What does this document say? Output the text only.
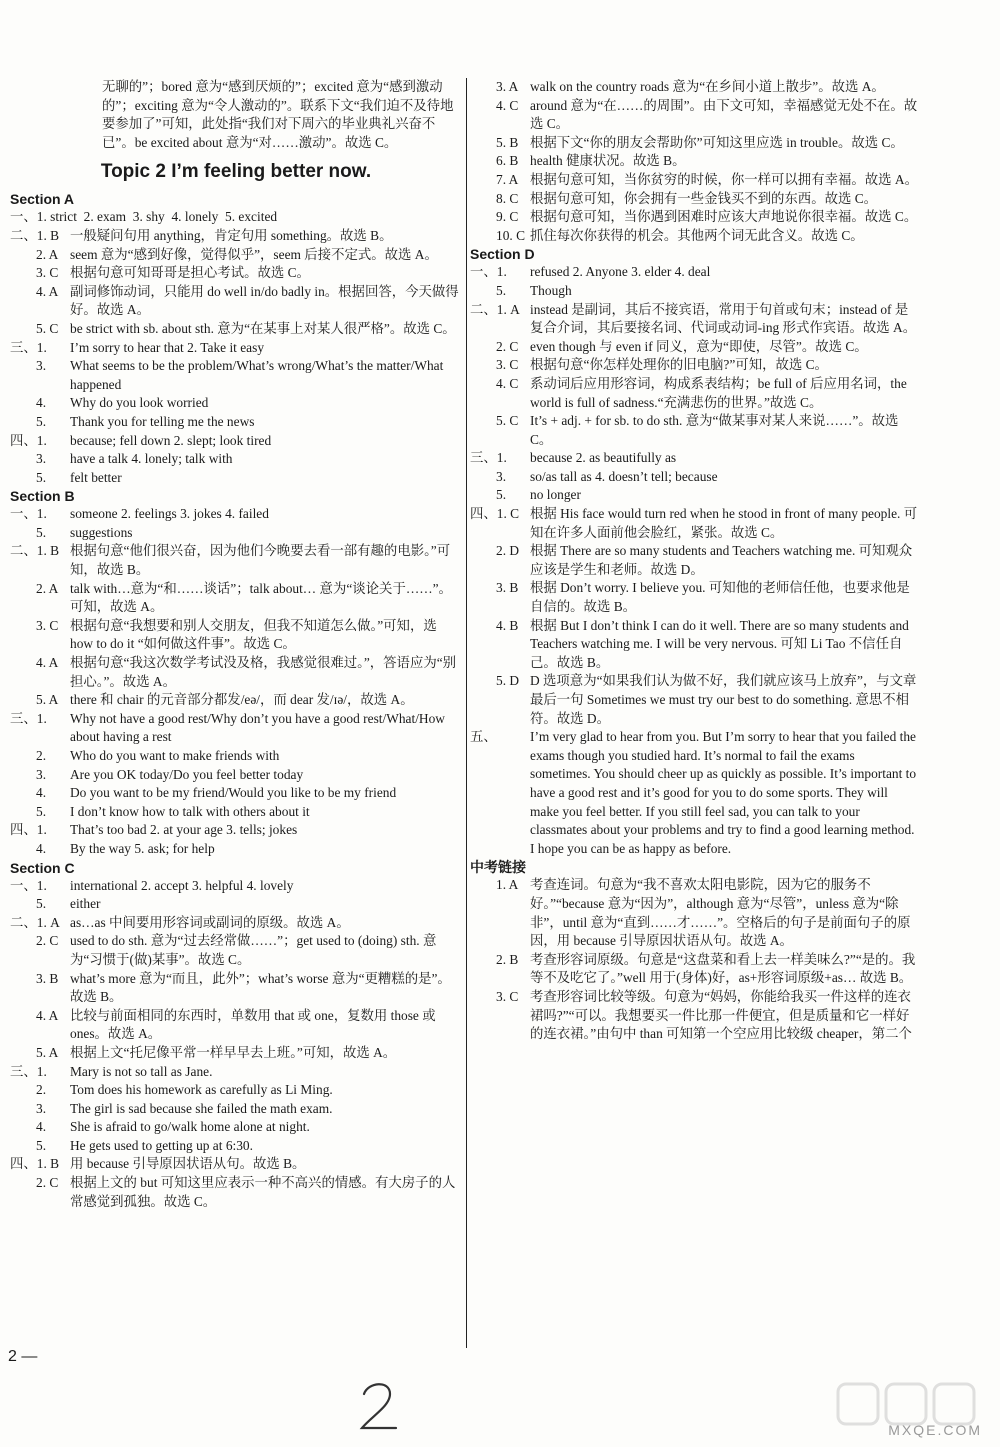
无聊的”；bored 意为“感到厌烦的”；excited 意为“感到激动的”；exciting 意为“令人激动的”。联系下文“我们迫不及待地要参加了”可知，此处指“我们对下周六的毕业典礼兴奋不已”。be excited about 意为“对……激动”。故选 C。
Topic 2 I’m feeling better now.
Section A
一、1. strict
2. exam
3. shy
4. lonely
5. excited
二、1. B 一般疑问句用 anything，肯定句用 something。故选 B。
2. A seem 意为“感到好像，觉得似乎”，seem 后接不定式。故选 A。
3. C 根据句意可知哥哥是担心考试。故选 C。
4. A 副词修饰动词，只能用 do well in/do badly in。根据回答，今天做得好。故选 A。
5. C be strict with sb. about sth. 意为“在某事上对某人很严格”。故选 C。
三、1.	I’m sorry to hear that 2. Take it easy
3.	What seems to be the problem/What’s wrong/What’s the matter/What happened
4.	Why do you look worried
5.	Thank you for telling me the news
四、1.	because; fell down 2. slept; look tired
3.	have a talk 4. lonely; talk with
5.	felt better
Section B
一、1.	someone 2. feelings 3. jokes 4. failed
5.	suggestions
二、1. B 根据句意“他们很兴奋，因为他们今晚要去看一部有趣的电影。”可知，故选 B。
2. A talk with…意为“和……谈话”；talk about… 意为“谈论关于……”。可知，故选 A。
3. C 根据句意“我想要和别人交朋友，但我不知道怎么做。”可知，选 how to do it “如何做这件事”。故选 C。
4. A 根据句意“我这次数学考试没及格，我感觉很难过。”，答语应为“别担心。”。故选 A。
5. A there 和 chair 的元音部分都发/eə/，而 dear 发/ɪə/，故选 A。
三、1.	Why not have a good rest/Why don’t you have a good rest/What/How about having a rest
2.	Who do you want to make friends with
3.	Are you OK today/Do you feel better today
4.	Do you want to be my friend/Would you like to be my friend
5.	I don’t know how to talk with others about it
四、1.	That’s too bad 2. at your age 3. tells; jokes
4.	By the way 5. ask; for help
Section C
一、1.	international 2. accept 3. helpful 4. lovely
5.	either
二、1. A as…as 中间要用形容词或副词的原级。故选 A。
2. C used to do sth. 意为“过去经常做……”；get used to (doing) sth. 意为“习惯于(做)某事”。故选 C。
3. B what’s more 意为“而且，此外”；what’s worse 意为“更糟糕的是”。故选 B。
4. A 比较与前面相同的东西时，单数用 that 或 one，复数用 those 或 ones。故选 A。
5. A 根据上文“托尼像平常一样早早去上班。”可知，故选 A。
三、1.	Mary is not so tall as Jane.
2.	Tom does his homework as carefully as Li Ming.
3.	The girl is sad because she failed the math exam.
4.	She is afraid to go/walk home alone at night.
5.	He gets used to getting up at 6:30.
四、1. B 用 because 引导原因状语从句。故选 B。
2. C 根据上文的 but 可知这里应表示一种不高兴的情感。有大房子的人常感觉到孤独。故选 C。
3. A walk on the country roads 意为“在乡间小道上散步”。故选 A。
4. C around 意为“在……的周围”。由下文可知，幸福感觉无处不在。故选 C。
5. B 根据下文“你的朋友会帮助你”可知这里应选 in trouble。故选 C。
6. B health 健康状况。故选 B。
7. A 根据句意可知，当你贫穷的时候，你一样可以拥有幸福。故选 A。
8. C 根据句意可知，你会拥有一些金钱买不到的东西。故选 C。
9. C 根据句意可知，当你遇到困难时应该大声地说你很幸福。故选 C。
10. C 抓住每次你获得的机会。其他两个词无此含义。故选 C。
Section D
一、1.	refused 2. Anyone 3. elder 4. deal
5.	Though
二、1. A instead 是副词，其后不接宾语，常用于句首或句末；instead of 是复合介词，其后要接名词、代词或动词-ing 形式作宾语。故选 A。
2. C even though 与 even if 同义，意为“即使，尽管”。故选 C。
3. C 根据句意“你怎样处理你的旧电脑?”可知，故选 C。
4. C 系动词后应用形容词，构成系表结构；be full of 后应用名词，the world is full of sadness.“充满悲伤的世界。”故选 C。
5. C It’s + adj. + for sb. to do sth. 意为“做某事对某人来说……”。故选 C。
三、1.	because 2. as beautifully as
3.	so/as tall as 4. doesn’t tell; because
5.	no longer
四、1. C 根据 His face would turn red when he stood in front of many people. 可知在许多人面前他会脸红，紧张。故选 C。
2. D 根据 There are so many students and Teachers watching me. 可知观众应该是学生和老师。故选 D。
3. B 根据 Don’t worry. I believe you. 可知他的老师信任他，也要求他是自信的。故选 B。
4. B 根据 But I don’t think I can do it well. There are so many students and Teachers watching me. I will be very nervous. 可知 Li Tao 不信任自己。故选 B。
5. D D 选项意为“如果我们认为做不好，我们就应该马上放弃”，与文章最后一句 Sometimes we must try our best to do something. 意思不相符。故选 D。
五、	I’m very glad to hear from you. But I’m sorry to hear that you failed the exams though you studied hard. It’s normal to fail the exams sometimes. You should cheer up as quickly as possible. It’s important to have a good rest and it’s good for you to do some sports. They will make you feel better. If you still feel sad, you can talk to your classmates about your problems and try to find a good learning method. I hope you can be as happy as before.
中考链接
1. A 考查连词。句意为“我不喜欢太阳电影院，因为它的服务不好。”“because 意为“因为”，although 意为“尽管”，unless 意为“除非”，until 意为“直到……才……”。空格后的句子是前面句子的原因，用 because 引导原因状语从句。故选 A。
2. B 考查形容词原级。句意是“这盘菜和看上去一样美味么?”“是的。我等不及吃它了。”well 用于(身体)好，as+形容词原级+as… 故选 B。
3. C 考查形容词比较等级。句意为“妈妈，你能给我买一件这样的连衣裙吗?”“可以。我想要买一件比那一件便宜，但是质量和它一样好的连衣裙。”由句中 than 可知第一个空应用比较级 cheaper，第二个
2 —
MXQE.COM
